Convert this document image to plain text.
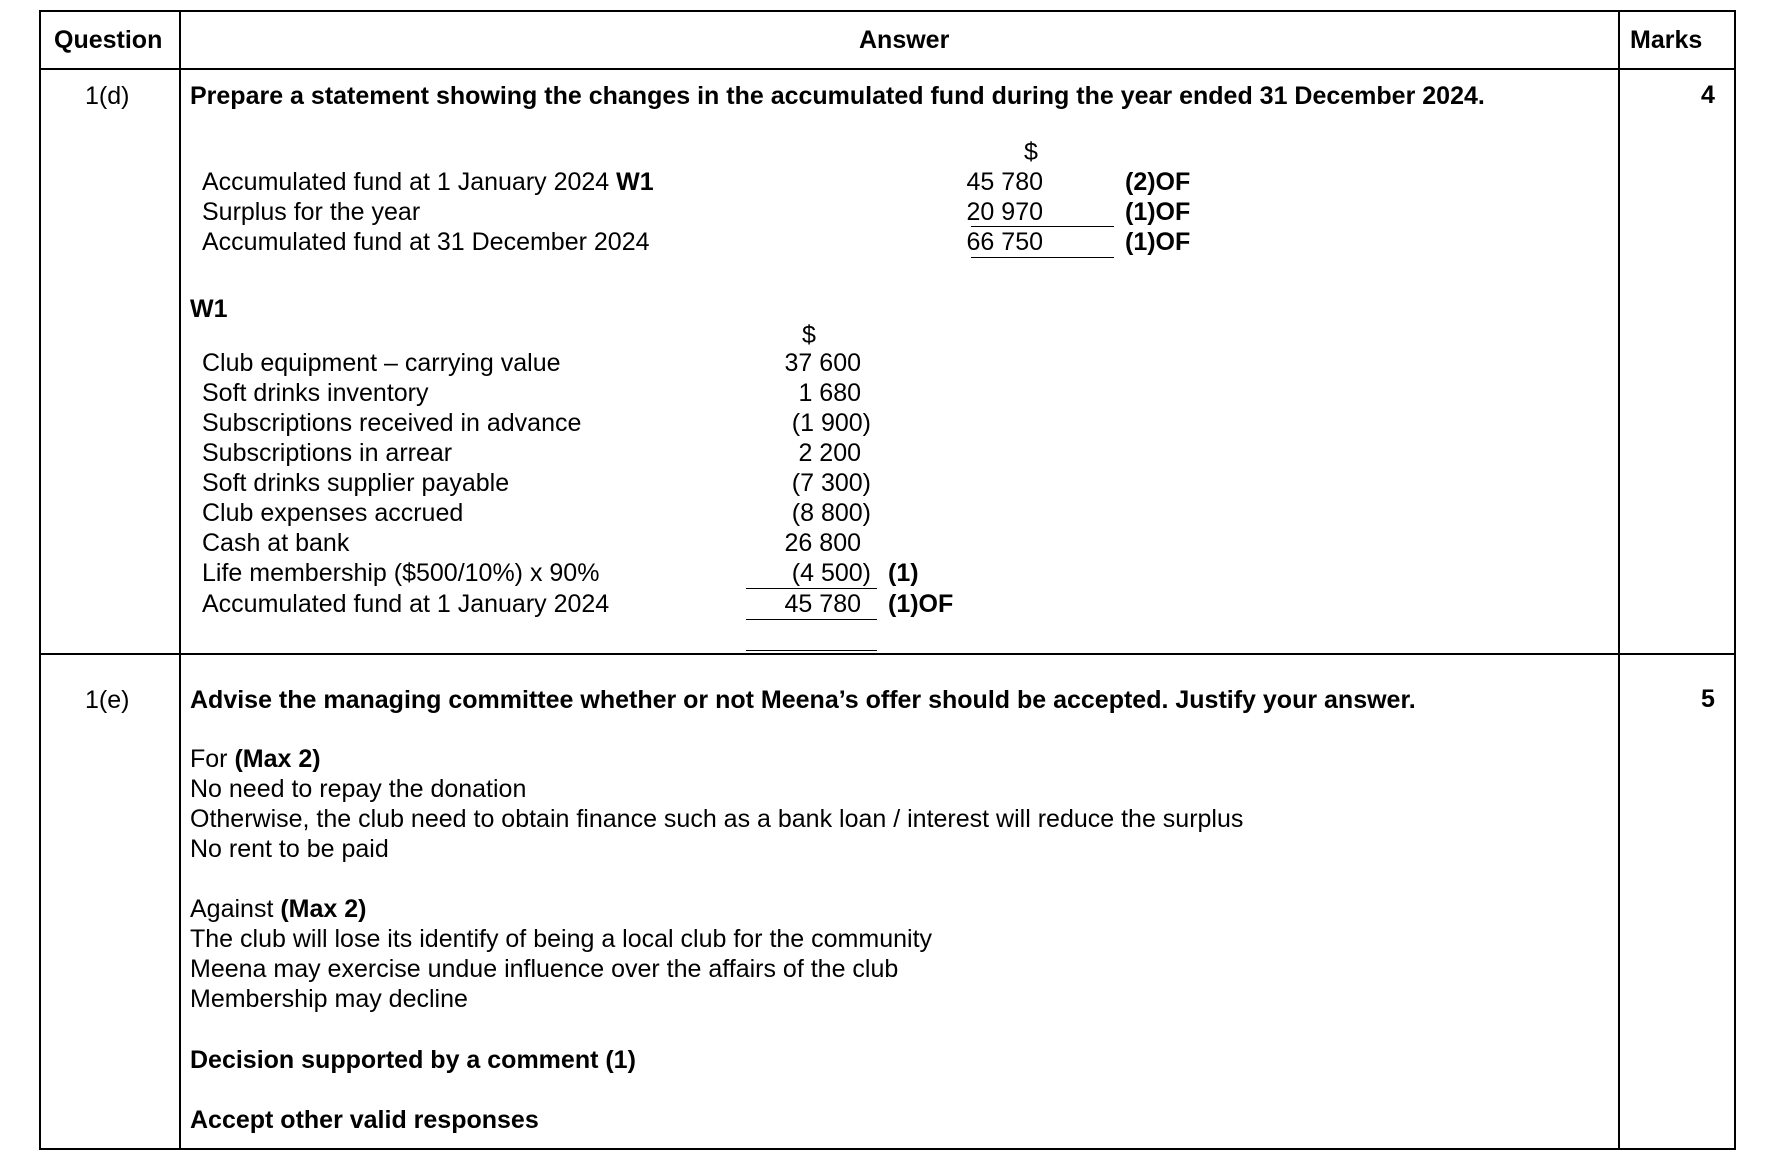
Question	Answer	Marks
1(d) Prepare a statement showing the changes in the accumulated fund during the year ended 31 December 2024.	4
$
Accumulated fund at 1 January 2024 W1	45 780	(2)OF
Surplus for the year	20 970	(1)OF
Accumulated fund at 31 December 2024	66 750	(1)OF
W1
$
Club equipment – carrying value	37 600
Soft drinks inventory	1 680
Subscriptions received in advance	(1 900)
Subscriptions in arrear	2 200
Soft drinks supplier payable	(7 300)
Club expenses accrued	(8 800)
Cash at bank	26 800
Life membership ($500/10%) x 90%	(4 500) (1)
Accumulated fund at 1 January 2024	45 780 (1)OF
1(e) Advise the managing committee whether or not Meena’s offer should be accepted. Justify your answer.	5
For (Max 2)
No need to repay the donation
Otherwise, the club need to obtain finance such as a bank loan / interest will reduce the surplus
No rent to be paid
Against (Max 2)
The club will lose its identify of being a local club for the community
Meena may exercise undue influence over the affairs of the club
Membership may decline
Decision supported by a comment (1)
Accept other valid responses
